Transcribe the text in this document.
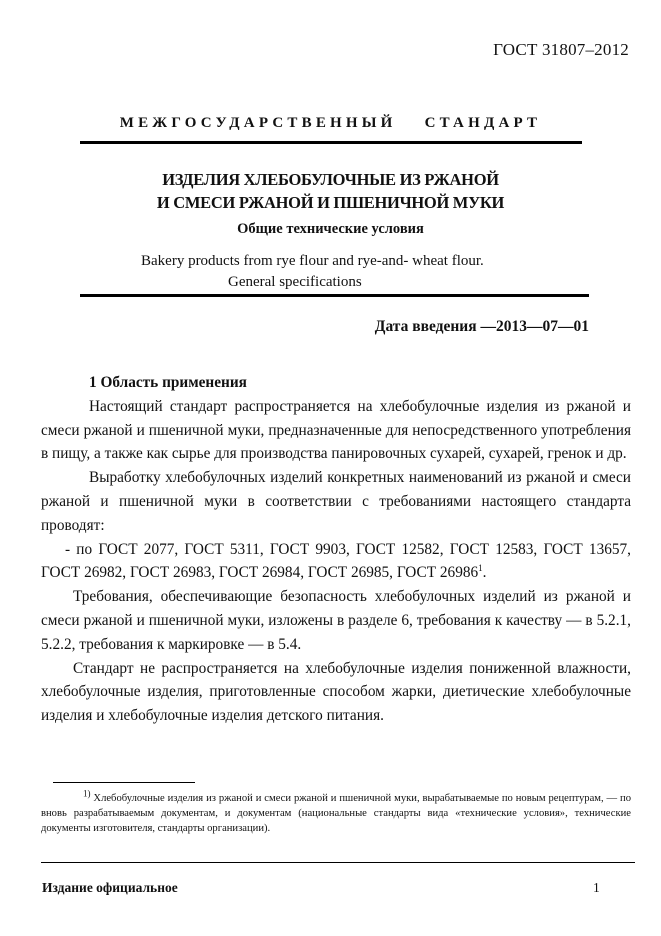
ГОСТ 31807–2012
МЕЖГОСУДАРСТВЕННЫЙ СТАНДАРТ
ИЗДЕЛИЯ ХЛЕБОБУЛОЧНЫЕ ИЗ РЖАНОЙ
И СМЕСИ РЖАНОЙ И ПШЕНИЧНОЙ МУКИ
Общие технические условия
Bakery products from rye flour and rye-and- wheat flour.
General specifications
Дата введения —2013—07—01
1 Область применения

Настоящий стандарт распространяется на хлебобулочные изделия из ржаной и смеси ржаной и пшеничной муки, предназначенные для непосредственного употребления в пищу, а также как сырье для производства панировочных сухарей, сухарей, гренок и др.

Выработку хлебобулочных изделий конкретных наименований из ржаной и смеси ржаной и пшеничной муки в соответствии с требованиями настоящего стандарта проводят:

- по ГОСТ 2077, ГОСТ 5311, ГОСТ 9903, ГОСТ 12582, ГОСТ 12583, ГОСТ 13657, ГОСТ 26982, ГОСТ 26983, ГОСТ 26984, ГОСТ 26985, ГОСТ 26986$^1$.

Требования, обеспечивающие безопасность хлебобулочных изделий из ржаной и смеси ржаной и пшеничной муки, изложены в разделе 6, требования к качеству — в 5.2.1, 5.2.2, требования к маркировке — в 5.4.

Стандарт не распространяется на хлебобулочные изделия пониженной влажности, хлебобулочные изделия, приготовленные способом жарки, диетические хлебобулочные изделия и хлебобулочные изделия детского питания.

$^{1)}$ Хлебобулочные изделия из ржаной и смеси ржаной и пшеничной муки, вырабатываемые по новым рецептурам, — по вновь разрабатываемым документам, и документам (национальные стандарты вида «технические условия», технические документы изготовителя, стандарты организации).
Издание официальное	1
